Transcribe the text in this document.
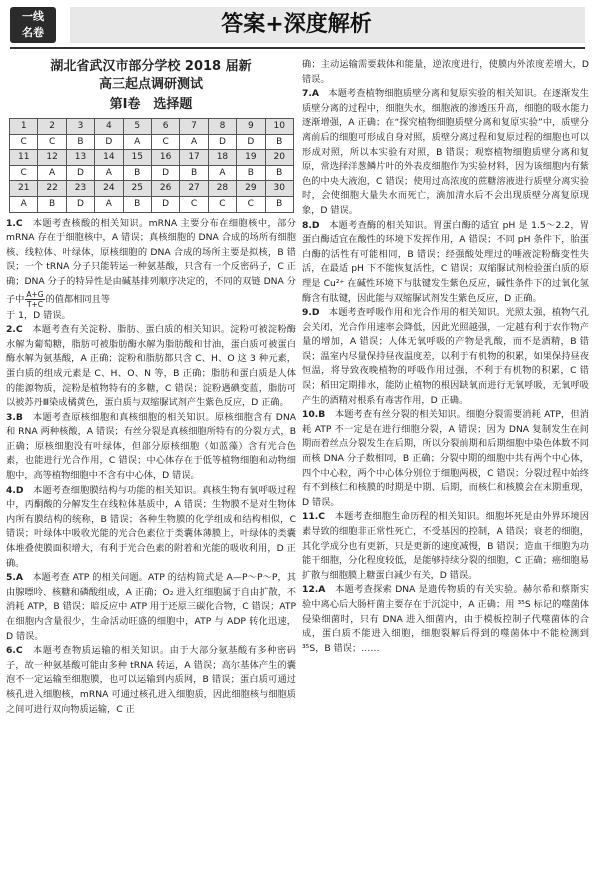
一线
名卷	答案+深度解析
湖北省武汉市部分学校 2018 届新
高三起点调研测试
第Ⅰ卷　选择题
1	2	3	4	5	6	7	8	9	10
C	C	B	D	A	C	A	D	D	B
11	12	13	14	15	16	17	18	19	20
C	A	D	A	B	D	B	A	B	B
21	22	23	24	25	26	27	28	29	30
A	B	D	A	B	D	C	C	C	B
1.C　本题考查核酸的相关知识。mRNA 主要分布在细胞核中，部分 mRNA 存在于细胞核中，A 错误；真核细胞的 DNA 合成的场所有细胞核、线粒体、叶绿体，原核细胞的 DNA 合成的场所主要是拟核，B 错误；一个 tRNA 分子只能转运一种氨基酸，只含有一个反密码子，C 正确；DNA 分子的特异性是由碱基排列顺序决定的，不同的双链 DNA 分子中 $\frac{A+G}{T+C}$ 的值都相同且等
于 1，D 错误。
2.C　本题考查有关淀粉、脂肪、蛋白质的相关知识。淀粉可被淀粉酶水解为葡萄糖，脂肪可被脂肪酶水解为脂肪酸和甘油，蛋白质可被蛋白酶水解为氨基酸，A 正确；淀粉和脂肪都只含 C、H、O 这 3 种元素，蛋白质的组成元素是 C、H、O、N 等，B 正确；脂肪和蛋白质是人体的能源物质，淀粉是植物特有的多糖，C 错误；淀粉遇碘变蓝，脂肪可以被苏丹Ⅲ染成橘黄色，蛋白质与双缩脲试剂产生紫色反应，D 正确。
3.B　本题考查原核细胞和真核细胞的相关知识。原核细胞含有 DNA 和 RNA 两种核酸，A 错误；有丝分裂是真核细胞所特有的分裂方式，B 正确；原核细胞没有叶绿体，但部分原核细胞（如蓝藻）含有光合色素，也能进行光合作用，C 错误；中心体存在于低等植物细胞和动物细胞中，高等植物细胞中不含有中心体，D 错误。
4.D　本题考查细胞膜结构与功能的相关知识。真核生物有氧呼吸过程中，丙酮酸的分解发生在线粒体基质中，A 错误；生物膜不是对生物体内所有膜结构的统称，B 错误；各种生物膜的化学组成和结构相似，C 错误；叶绿体中吸收光能的光合色素位于类囊体薄膜上，叶绿体的类囊体堆叠使膜面积增大，有利于光合色素的附着和光能的吸收利用，D 正确。
5.A　本题考查 ATP 的相关问题。ATP 的结构简式是 A—P～P～P，其由腺嘌呤、核糖和磷酸组成，A 正确；O₂ 进入红细胞属于自由扩散，不消耗 ATP，B 错误；暗反应中 ATP 用于还原三碳化合物，C 错误；ATP 在细胞内含量很少，生命活动旺盛的细胞中，ATP 与 ADP 转化迅速，D 错误。
6.C　本题考查物质运输的相关知识。由于大部分氨基酸有多种密码子，故一种氨基酸可能由多种 tRNA 转运，A 错误；高尔基体产生的囊泡不一定运输至细胞膜，也可以运输到内质网，B 错误；蛋白质可通过核孔进入细胞核，mRNA 可通过核孔进入细胞质，因此细胞核与细胞质之间可进行双向物质运输，C 正
确；主动运输需要载体和能量，逆浓度进行，使膜内外浓度差增大，D 错误。
7.A　本题考查植物细胞质壁分离和复原实验的相关知识。在逐渐发生质壁分离的过程中，细胞失水，细胞液的渗透压升高，细胞的吸水能力逐渐增强，A 正确；在“探究植物细胞质壁分离和复原实验”中，质壁分离前后的细胞可形成自身对照，质壁分离过程和复原过程的细胞也可以形成对照，所以本实验有对照，B 错误；观察植物细胞质壁分离和复原，常选择洋葱鳞片叶的外表皮细胞作为实验材料，因为该细胞内有紫色的中央大液泡，C 错误；使用过高浓度的蔗糖溶液进行质壁分离实验时，会使细胞大量失水而死亡，滴加清水后不会出现质壁分离复原现象，D 错误。
8.D　本题考查酶的相关知识。胃蛋白酶的适宜 pH 是 1.5～2.2，胃蛋白酶适宜在酸性的环境下发挥作用，A 错误；不同 pH 条件下，胎蛋白酶的活性有可能相同，B 错误；经强酸处理过的唾液淀粉酶变性失活，在最适 pH 下不能恢复活性，C 错误；双缩脲试剂检验蛋白质的原理是 Cu²⁺ 在碱性环境下与肽键发生紫色反应，碱性条件下的过氧化氢酶含有肽键，因此能与双缩脲试剂发生紫色反应，D 正确。
9.D　本题考查呼吸作用和光合作用的相关知识。光照太强，植物气孔会关闭，光合作用速率会降低，因此光照越强，一定越有利于农作物产量的增加，A 错误；人体无氧呼吸的产物是乳酸，而不是酒精，B 错误；温室内尽量保持昼夜温度差，以利于有机物的积累，如果保持昼夜恒温，将导致夜晚植物的呼吸作用过强，不利于有机物的积累，C 错误；稻田定期排水，能防止植物的根因缺氧而进行无氧呼吸，无氧呼吸产生的酒精对根系有毒害作用，D 正确。
10.B　本题考查有丝分裂的相关知识。细胞分裂需要消耗 ATP，但消耗 ATP 不一定是在进行细胞分裂，A 错误；因为 DNA 复制发生在间期而着丝点分裂发生在后期，所以分裂前期和后期细胞中染色体数不同而核 DNA 分子数相同，B 正确；分裂中期的细胞中共有两个中心体，四个中心粒，两个中心体分别位于细胞两极，C 错误；分裂过程中始终有不到核仁和核膜的时期是中期、后期，而核仁和核膜会在末期重现，D 错误。
11.C　本题考查细胞生命历程的相关知识。细胞坏死是由外界环境因素导致的细胞非正常性死亡，不受基因的控制，A 错误；衰老的细胞，其化学成分也有更新，只是更新的速度减慢，B 错误；造血干细胞为功能干细胞，分化程度较低，是能够持续分裂的细胞，C 正确；癌细胞易扩散与细胞膜上糖蛋白减少有关，D 错误。
12.A　本题考查探索 DNA 是遗传物质的有关实验。赫尔希和蔡斯实验中离心后大肠杆菌主要存在于沉淀中，A 正确；用 ³⁵S 标记的噬菌体侵染细菌时，只有 DNA 进入细菌内，由于模板控制子代噬菌体的合成，蛋白质不能进入细胞，细胞裂解后得到的噬菌体中不能检测到 ³⁵S，B 错误；……
